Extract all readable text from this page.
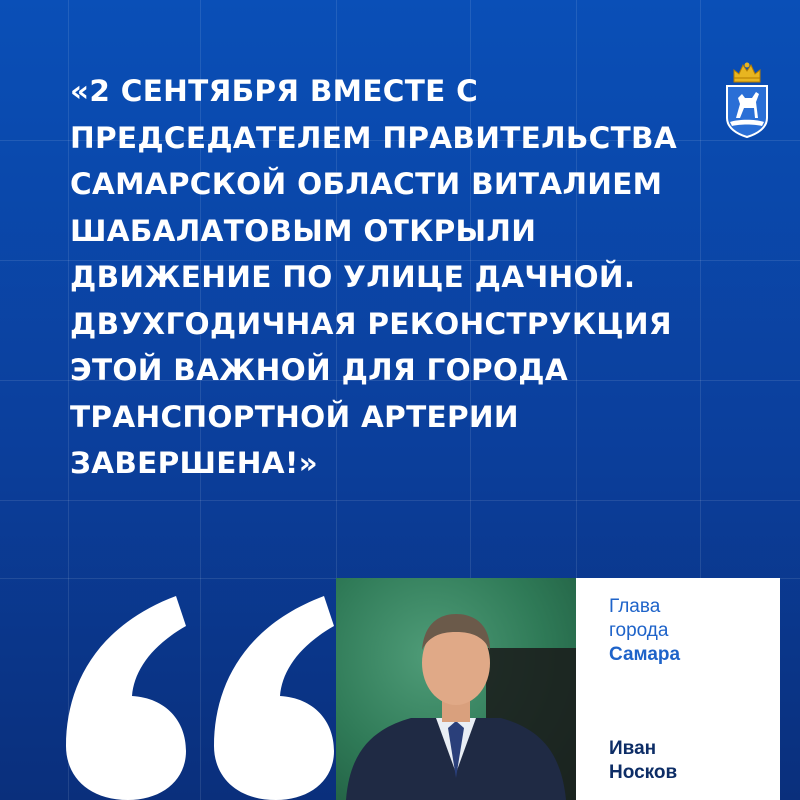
«2 СЕНТЯБРЯ ВМЕСТЕ С
ПРЕДСЕДАТЕЛЕМ ПРАВИТЕЛЬСТВА
САМАРСКОЙ ОБЛАСТИ ВИТАЛИЕМ
ШАБАЛАТОВЫМ ОТКРЫЛИ
ДВИЖЕНИЕ ПО УЛИЦЕ ДАЧНОЙ.
ДВУХГОДИЧНАЯ РЕКОНСТРУКЦИЯ
ЭТОЙ ВАЖНОЙ ДЛЯ ГОРОДА
ТРАНСПОРТНОЙ АРТЕРИИ
ЗАВЕРШЕНА!»

Глава
города

Самара

Иван
Носков
